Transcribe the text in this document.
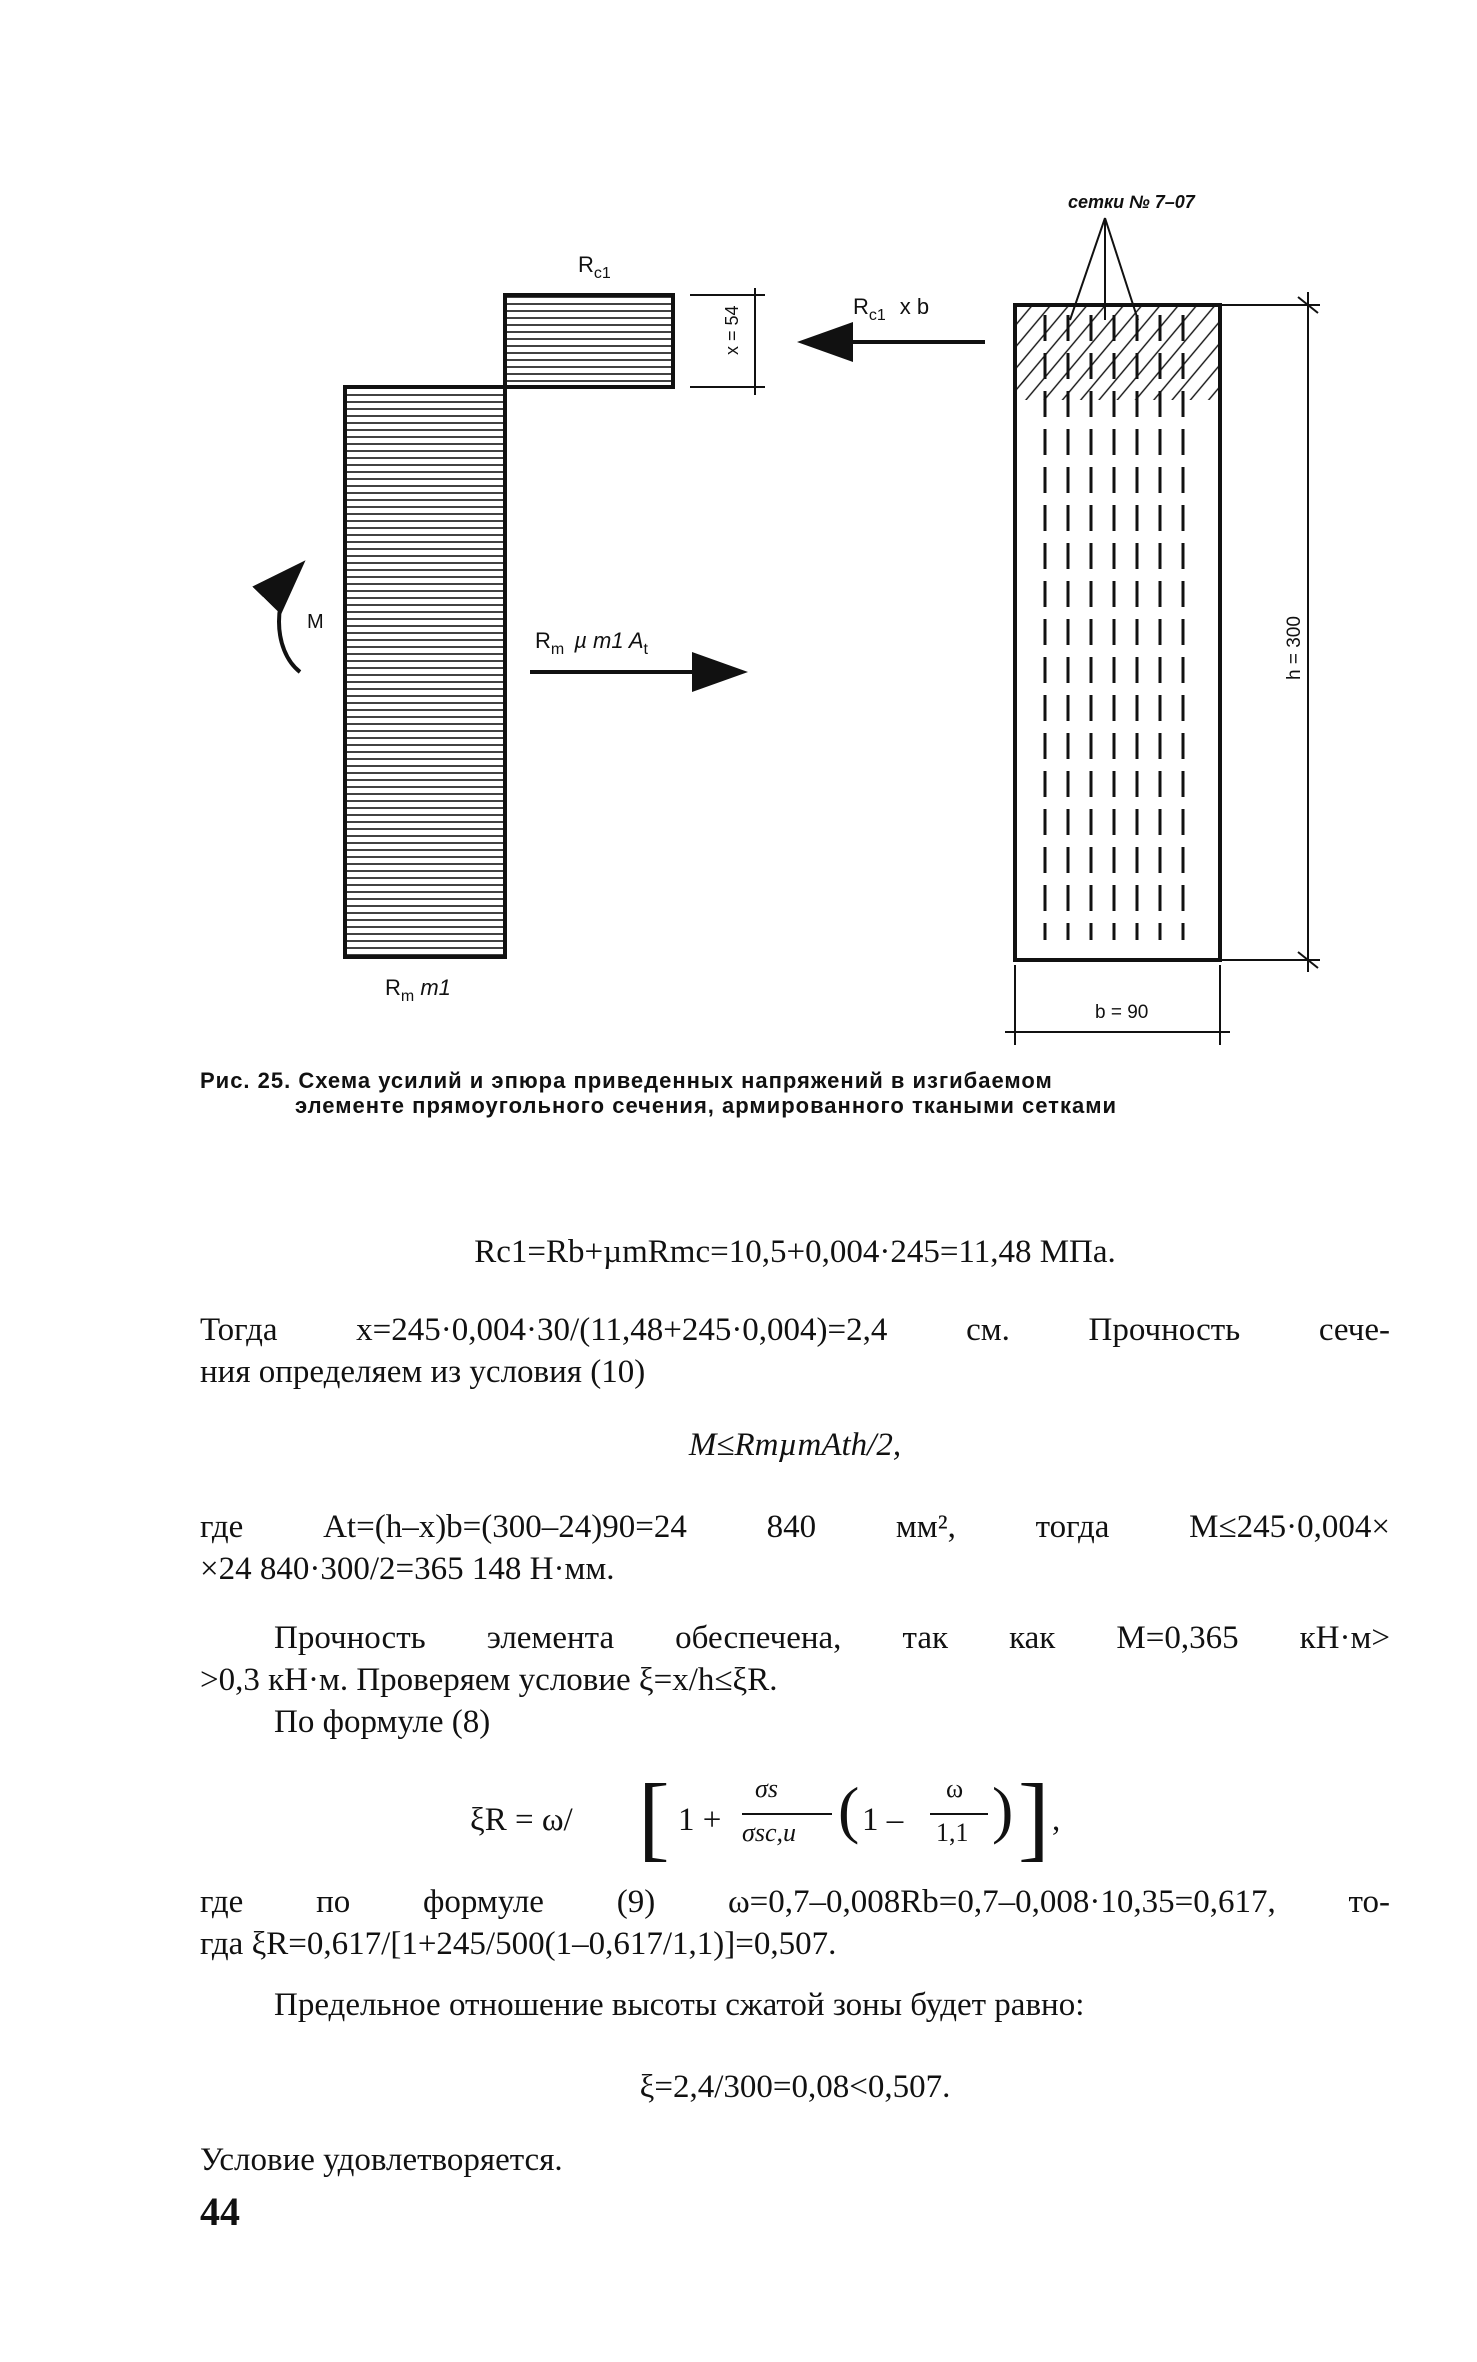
$R_{c1}$
x = 54	$R_{c1}$ x b
$R_m$ µ m1 $A_t$
M
$R_m$ m1
сетки № 7–07
h = 300
b = 90
Рис. 25. Схема усилий и эпюра приведенных напряжений в изгибаемом
элементе прямоугольного сечения, армированного ткаными сетками
Rc1=Rb+µmRmc=10,5+0,004·245=11,48 МПа.
Тогда x=245·0,004·30/(11,48+245·0,004)=2,4 см. Прочность сече-
ния определяем из условия (10)
M≤RmµmAth/2,
где At=(h–x)b=(300–24)90=24 840 мм², тогда M≤245·0,004×
×24 840·300/2=365 148 Н·мм.
Прочность элемента обеспечена, так как M=0,365 кН·м>
>0,3 кН·м. Проверяем условие ξ=x/h≤ξR.
По формуле (8)
ξR = ω/ [ 1 +
σs
σsc,u ( 1 –
ω
1,1 ) ] ,
где по формуле (9) ω=0,7–0,008Rb=0,7–0,008·10,35=0,617, то-
гда ξR=0,617/[1+245/500(1–0,617/1,1)]=0,507.
Предельное отношение высоты сжатой зоны будет равно:
ξ=2,4/300=0,08<0,507.
Условие удовлетворяется.
44
